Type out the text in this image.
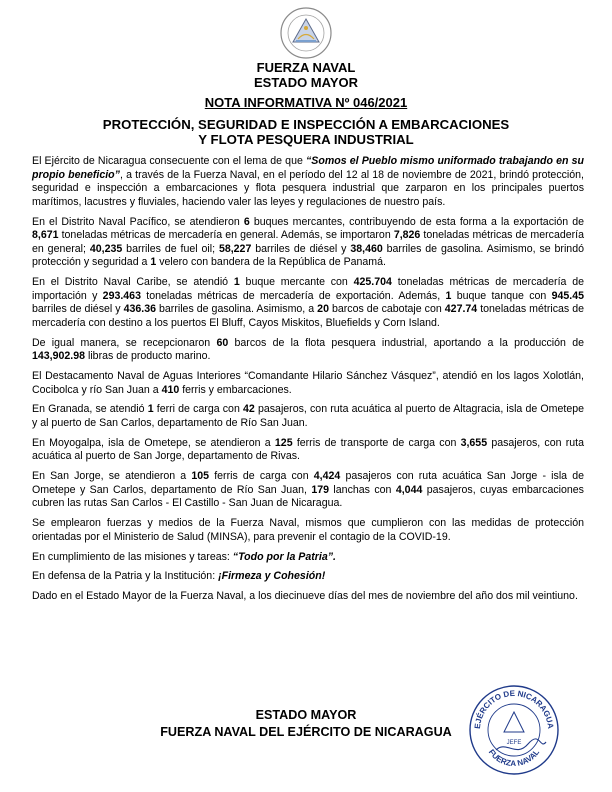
FUERZA NAVAL
ESTADO MAYOR
NOTA INFORMATIVA Nº 046/2021
PROTECCIÓN, SEGURIDAD E INSPECCIÓN A EMBARCACIONES
Y FLOTA PESQUERA INDUSTRIAL

El Ejército de Nicaragua consecuente con el lema de que “Somos el Pueblo mismo uniformado trabajando en su propio beneficio”, a través de la Fuerza Naval, en el período del 12 al 18 de noviembre de 2021, brindó protección, seguridad e inspección a embarcaciones y flota pesquera industrial que zarparon en los principales puertos marítimos, lacustres y fluviales, haciendo valer las leyes y regulaciones de nuestro país.

En el Distrito Naval Pacífico, se atendieron 6 buques mercantes, contribuyendo de esta forma a la exportación de 8,671 toneladas métricas de mercadería en general. Además, se importaron 7,826 toneladas métricas de mercadería en general; 40,235 barriles de fuel oil; 58,227 barriles de diésel y 38,460 barriles de gasolina. Asimismo, se brindó protección y seguridad a 1 velero con bandera de la República de Panamá.

En el Distrito Naval Caribe, se atendió 1 buque mercante con 425.704 toneladas métricas de mercadería de importación y 293.463 toneladas métricas de mercadería de exportación. Además, 1 buque tanque con 945.45 barriles de diésel y 436.36 barriles de gasolina. Asimismo, a 20 barcos de cabotaje con 427.74 toneladas métricas de mercadería con destino a los puertos El Bluff, Cayos Miskitos, Bluefields y Corn Island.

De igual manera, se recepcionaron 60 barcos de la flota pesquera industrial, aportando a la producción de 143,902.98 libras de producto marino.

El Destacamento Naval de Aguas Interiores “Comandante Hilario Sánchez Vásquez”, atendió en los lagos Xolotlán, Cocibolca y río San Juan a 410 ferris y embarcaciones.

En Granada, se atendió 1 ferri de carga con 42 pasajeros, con ruta acuática al puerto de Altagracia, isla de Ometepe y al puerto de San Carlos, departamento de Río San Juan.

En Moyogalpa, isla de Ometepe, se atendieron a 125 ferris de transporte de carga con 3,655 pasajeros, con ruta acuática al puerto de San Jorge, departamento de Rivas.

En San Jorge, se atendieron a 105 ferris de carga con 4,424 pasajeros con ruta acuática San Jorge - isla de Ometepe y San Carlos, departamento de Río San Juan, 179 lanchas con 4,044 pasajeros, cuyas embarcaciones cubren las rutas San Carlos - El Castillo - San Juan de Nicaragua.

Se emplearon fuerzas y medios de la Fuerza Naval, mismos que cumplieron con las medidas de protección orientadas por el Ministerio de Salud (MINSA), para prevenir el contagio de la COVID-19.

En cumplimiento de las misiones y tareas: “Todo por la Patria”.

En defensa de la Patria y la Institución: ¡Firmeza y Cohesión!

Dado en el Estado Mayor de la Fuerza Naval, a los diecinueve días del mes de noviembre del año dos mil veintiuno.

ESTADO MAYOR
FUERZA NAVAL DEL EJÉRCITO DE NICARAGUA	EJÉRCITO DE NICARAGUA
FUERZA NAVAL
JEFE
